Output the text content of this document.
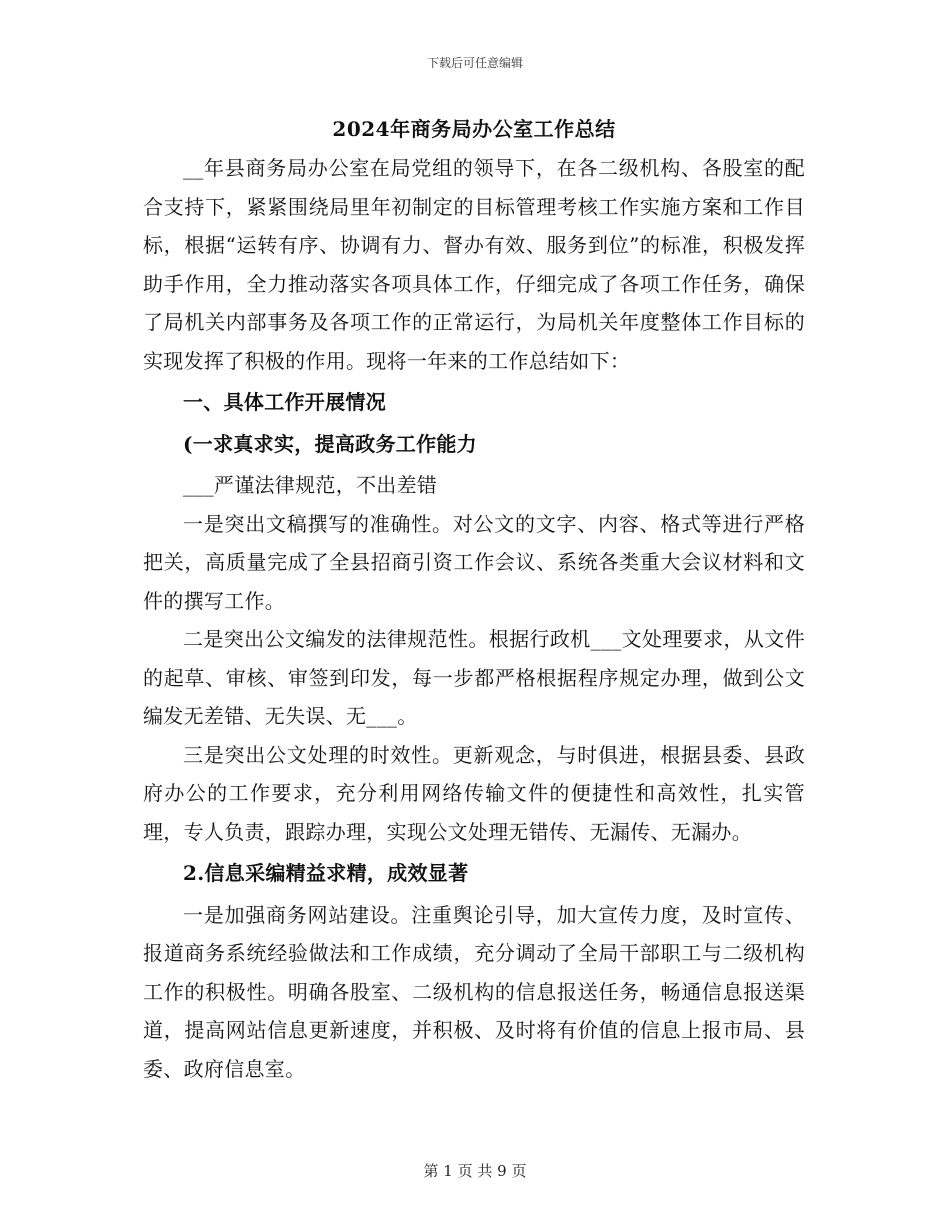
下载后可任意编辑
2024年商务局办公室工作总结

__年县商务局办公室在局党组的领导下，在各二级机构、各股室的配合支持下，紧紧围绕局里年初制定的目标管理考核工作实施方案和工作目标，根据“运转有序、协调有力、督办有效、服务到位”的标准，积极发挥助手作用，全力推动落实各项具体工作，仔细完成了各项工作任务，确保了局机关内部事务及各项工作的正常运行，为局机关年度整体工作目标的实现发挥了积极的作用。现将一年来的工作总结如下：

一、具体工作开展情况

(一求真求实，提高政务工作能力

___严谨法律规范，不出差错

一是突出文稿撰写的准确性。对公文的文字、内容、格式等进行严格把关，高质量完成了全县招商引资工作会议、系统各类重大会议材料和文件的撰写工作。

二是突出公文编发的法律规范性。根据行政机___文处理要求，从文件的起草、审核、审签到印发，每一步都严格根据程序规定办理，做到公文编发无差错、无失误、无___。

三是突出公文处理的时效性。更新观念，与时俱进，根据县委、县政府办公的工作要求，充分利用网络传输文件的便捷性和高效性，扎实管理，专人负责，跟踪办理，实现公文处理无错传、无漏传、无漏办。

2.信息采编精益求精，成效显著

一是加强商务网站建设。注重舆论引导，加大宣传力度，及时宣传、报道商务系统经验做法和工作成绩，充分调动了全局干部职工与二级机构工作的积极性。明确各股室、二级机构的信息报送任务，畅通信息报送渠道，提高网站信息更新速度，并积极、及时将有价值的信息上报市局、县委、政府信息室。

第 1 页 共 9 页
